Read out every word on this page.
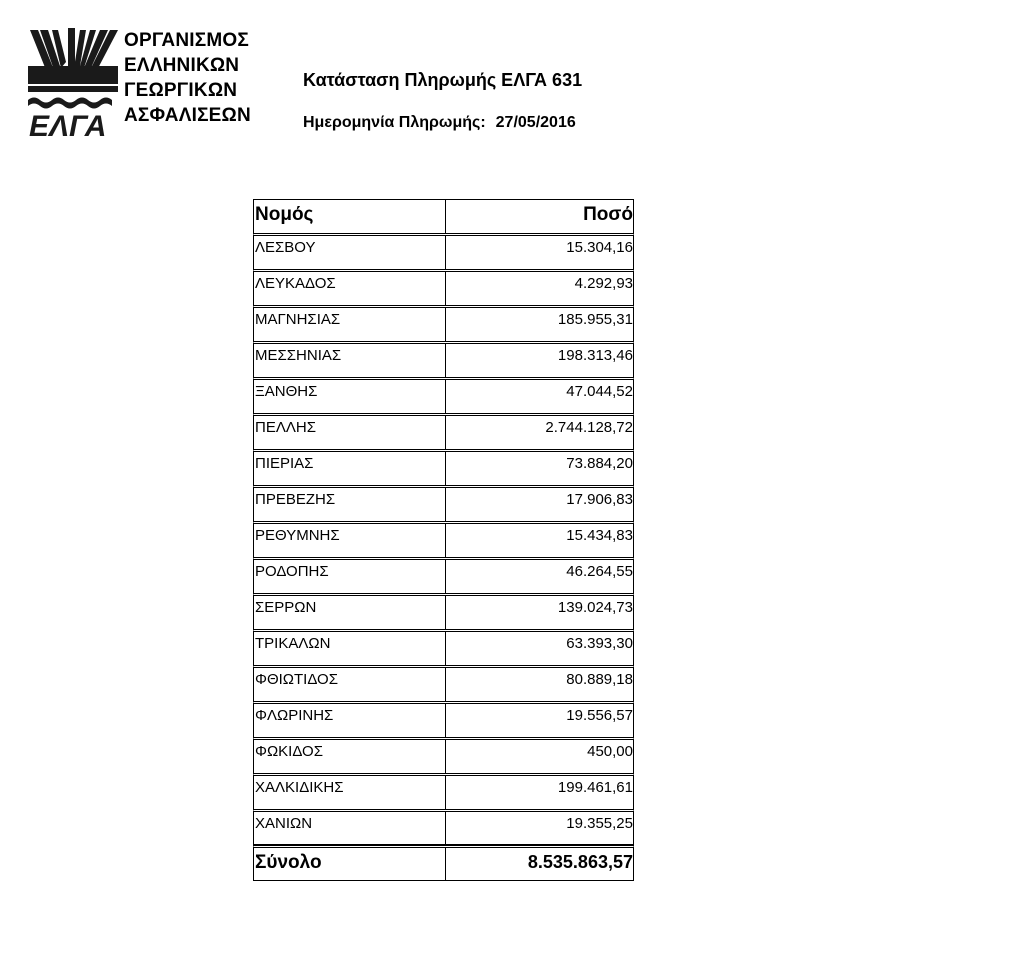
ΕΛΓΑ
ΟΡΓΑΝΙΣΜΟΣ
ΕΛΛΗΝΙΚΩΝ
ΓΕΩΡΓΙΚΩΝ
ΑΣΦΑΛΙΣΕΩΝ
Κατάσταση Πληρωμής ΕΛΓΑ 631
Ημερομηνία Πληρωμής: 27/05/2016
Νομός	Ποσό
ΛΕΣΒΟΥ	15.304,16
ΛΕΥΚΑΔΟΣ	4.292,93
ΜΑΓΝΗΣΙΑΣ	185.955,31
ΜΕΣΣΗΝΙΑΣ	198.313,46
ΞΑΝΘΗΣ	47.044,52
ΠΕΛΛΗΣ	2.744.128,72
ΠΙΕΡΙΑΣ	73.884,20
ΠΡΕΒΕΖΗΣ	17.906,83
ΡΕΘΥΜΝΗΣ	15.434,83
ΡΟΔΟΠΗΣ	46.264,55
ΣΕΡΡΩΝ	139.024,73
ΤΡΙΚΑΛΩΝ	63.393,30
ΦΘΙΩΤΙΔΟΣ	80.889,18
ΦΛΩΡΙΝΗΣ	19.556,57
ΦΩΚΙΔΟΣ	450,00
ΧΑΛΚΙΔΙΚΗΣ	199.461,61
ΧΑΝΙΩΝ	19.355,25
Σύνολο	8.535.863,57
